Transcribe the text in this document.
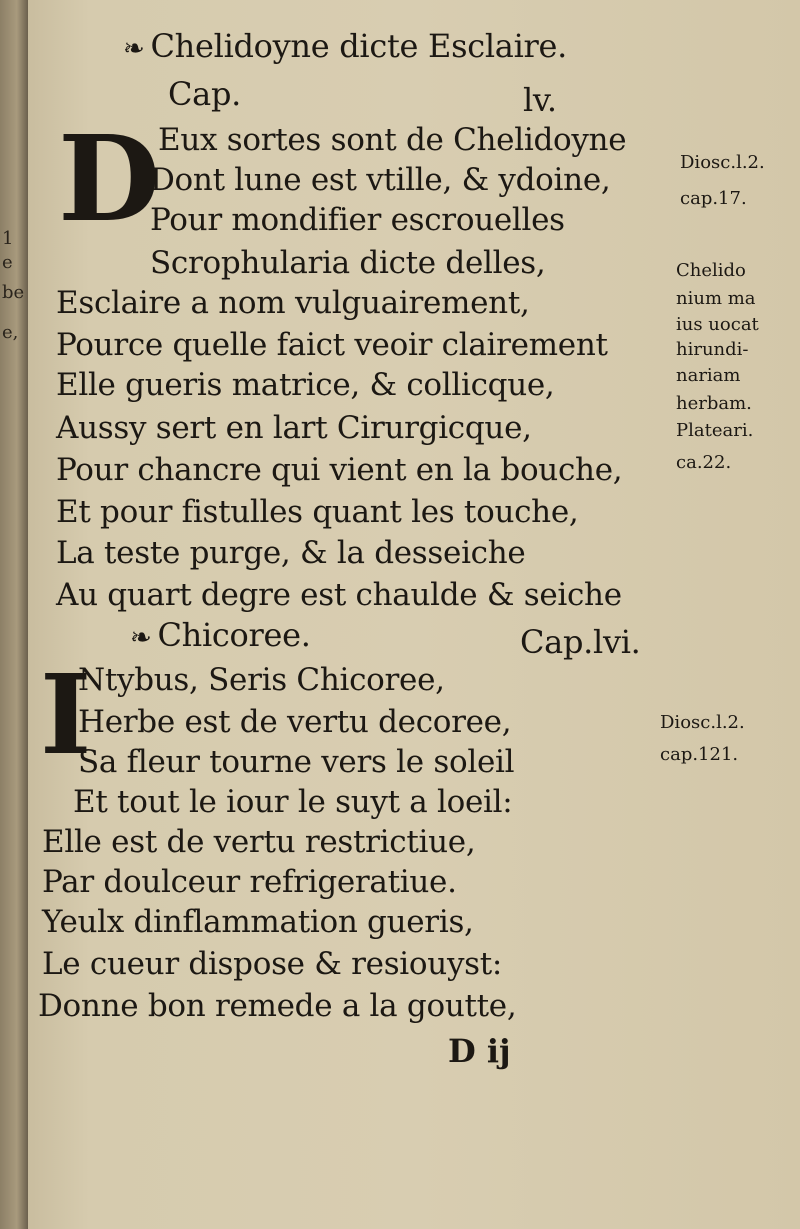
1
e
be
e,
❧ Chelidoyne dicte Esclaire.
Cap.	lv.
D
Eux sortes sont de Chelidoyne
Dont lune est vtille, & ydoine,
Pour mondifier escrouelles
Scrophularia dicte delles,
Esclaire a nom vulguairement,
Pource quelle faict veoir clairement
Elle gueris matrice, & collicque,
Aussy sert en lart Cirurgicque,
Pour chancre qui vient en la bouche,
Et pour fistulles quant les touche,
La teste purge, & la desseiche
Au quart degre est chaulde & seiche
Diosc.l.2.
cap.17.
Chelido
nium ma
ius uocat
hirundi-
nariam
herbam.
Plateari.
ca.22.
❧ Chicoree.	Cap.lvi.
I
Ntybus, Seris Chicoree,
Herbe est de vertu decoree,
Sa fleur tourne vers le soleil
Et tout le iour le suyt a loeil:
Elle est de vertu restrictiue,
Par doulceur refrigeratiue.
Yeulx dinflammation gueris,
Le cueur dispose & resiouyst:
Donne bon remede a la goutte,
Diosc.l.2.
cap.121.
D ij
